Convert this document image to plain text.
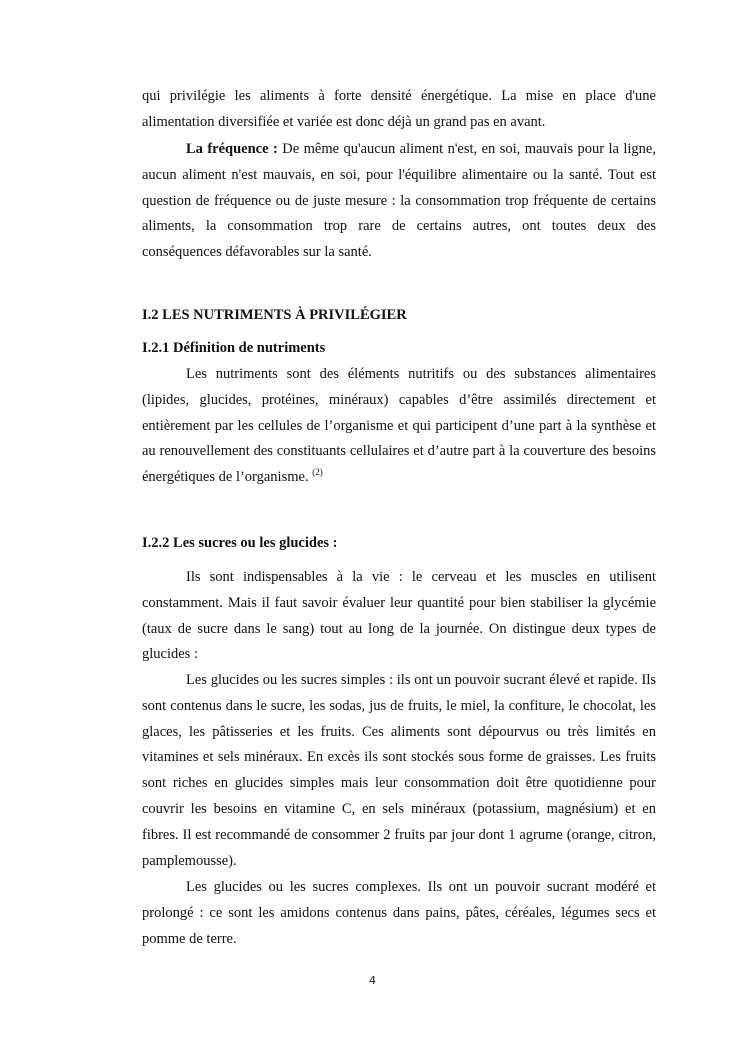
qui privilégie les aliments à forte densité énergétique. La mise en place d'une alimentation diversifiée et variée est donc déjà un grand pas en avant.

La fréquence : De même qu'aucun aliment n'est, en soi, mauvais pour la ligne, aucun aliment n'est mauvais, en soi, pour l'équilibre alimentaire ou la santé. Tout est question de fréquence ou de juste mesure : la consommation trop fréquente de certains aliments, la consommation trop rare de certains autres, ont toutes deux des conséquences défavorables sur la santé.

I.2 LES NUTRIMENTS À PRIVILÉGIER
I.2.1 Définition de nutriments

Les nutriments sont des éléments nutritifs ou des substances alimentaires (lipides, glucides, protéines, minéraux) capables d’être assimilés directement et entièrement par les cellules de l’organisme et qui participent d’une part à la synthèse et au renouvellement des constituants cellulaires et d’autre part à la couverture des besoins énergétiques de l’organisme. $^{(2)}$

I.2.2 Les sucres ou les glucides :

Ils sont indispensables à la vie : le cerveau et les muscles en utilisent constamment. Mais il faut savoir évaluer leur quantité pour bien stabiliser la glycémie (taux de sucre dans le sang) tout au long de la journée. On distingue deux types de glucides :

Les glucides ou les sucres simples : ils ont un pouvoir sucrant élevé et rapide. Ils sont contenus dans le sucre, les sodas, jus de fruits, le miel, la confiture, le chocolat, les glaces, les pâtisseries et les fruits. Ces aliments sont dépourvus ou très limités en vitamines et sels minéraux. En excès ils sont stockés sous forme de graisses. Les fruits sont riches en glucides simples mais leur consommation doit être quotidienne pour couvrir les besoins en vitamine C, en sels minéraux (potassium, magnésium) et en fibres. Il est recommandé de consommer 2 fruits par jour dont 1 agrume (orange, citron, pamplemousse).

Les glucides ou les sucres complexes. Ils ont un pouvoir sucrant modéré et prolongé : ce sont les amidons contenus dans pains, pâtes, céréales, légumes secs et pomme de terre.

4
